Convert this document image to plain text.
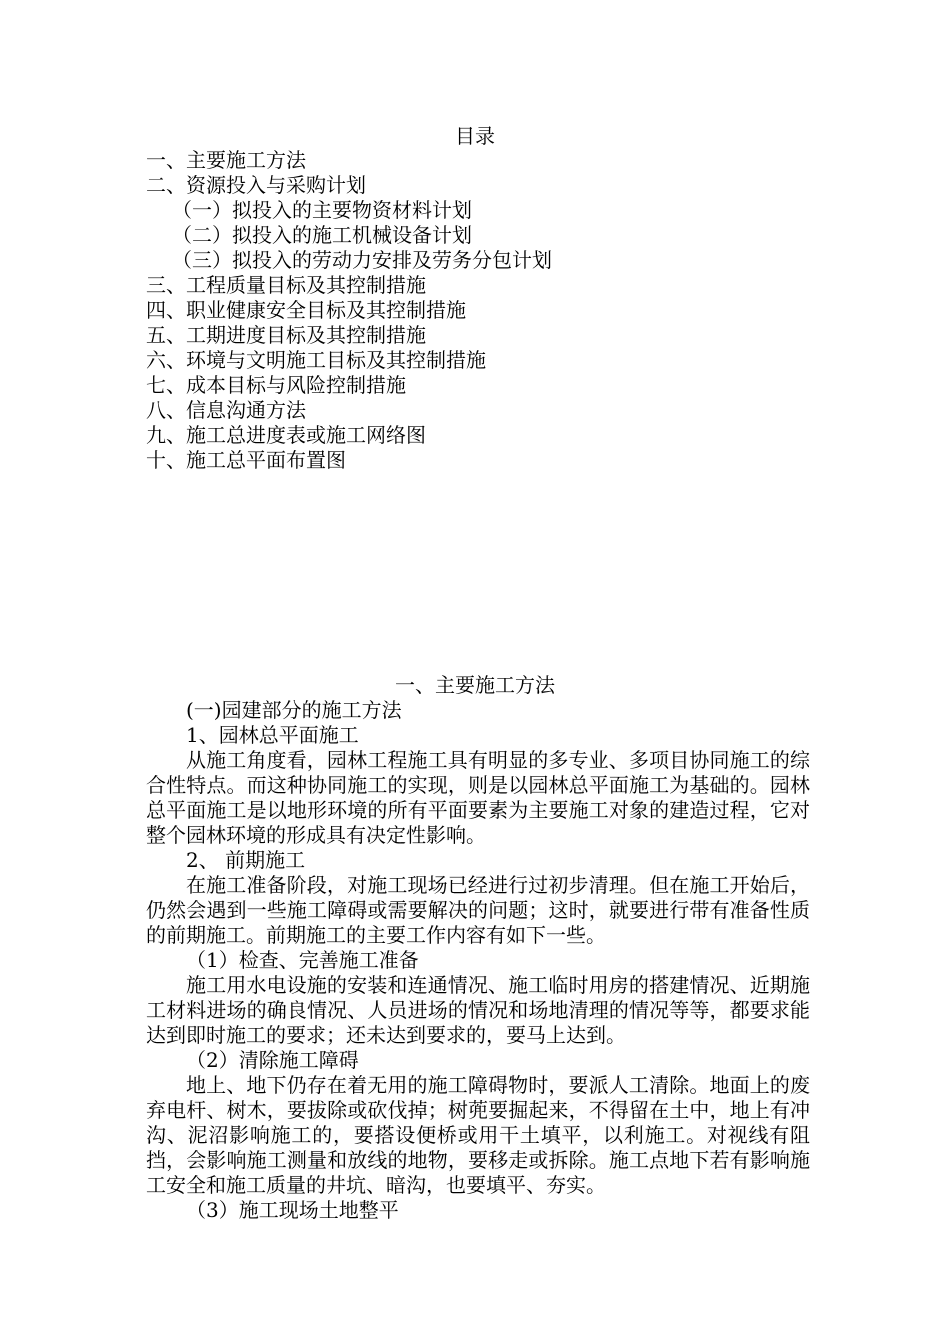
目录
一、主要施工方法
二、资源投入与采购计划
（一）拟投入的主要物资材料计划
（二）拟投入的施工机械设备计划
（三）拟投入的劳动力安排及劳务分包计划
三、工程质量目标及其控制措施
四、职业健康安全目标及其控制措施
五、工期进度目标及其控制措施
六、环境与文明施工目标及其控制措施
七、成本目标与风险控制措施
八、信息沟通方法
九、施工总进度表或施工网络图
十、施工总平面布置图
一、主要施工方法

(一)园建部分的施工方法

1、园林总平面施工

从施工角度看，园林工程施工具有明显的多专业、多项目协同施工的综合性特点。而这种协同施工的实现，则是以园林总平面施工为基础的。园林总平面施工是以地形环境的所有平面要素为主要施工对象的建造过程，它对整个园林环境的形成具有决定性影响。

2、 前期施工

在施工准备阶段，对施工现场已经进行过初步清理。但在施工开始后，仍然会遇到一些施工障碍或需要解决的问题；这时，就要进行带有准备性质的前期施工。前期施工的主要工作内容有如下一些。

（1）检查、完善施工准备

施工用水电设施的安装和连通情况、施工临时用房的搭建情况、近期施工材料进场的确良情况、人员进场的情况和场地清理的情况等等，都要求能达到即时施工的要求；还未达到要求的，要马上达到。

（2）清除施工障碍

地上、地下仍存在着无用的施工障碍物时，要派人工清除。地面上的废弃电杆、树木，要拔除或砍伐掉；树蔸要掘起来，不得留在土中，地上有冲沟、泥沼影响施工的，要搭设便桥或用干土填平，以利施工。对视线有阻挡，会影响施工测量和放线的地物，要移走或拆除。施工点地下若有影响施工安全和施工质量的井坑、暗沟，也要填平、夯实。

（3）施工现场土地整平
